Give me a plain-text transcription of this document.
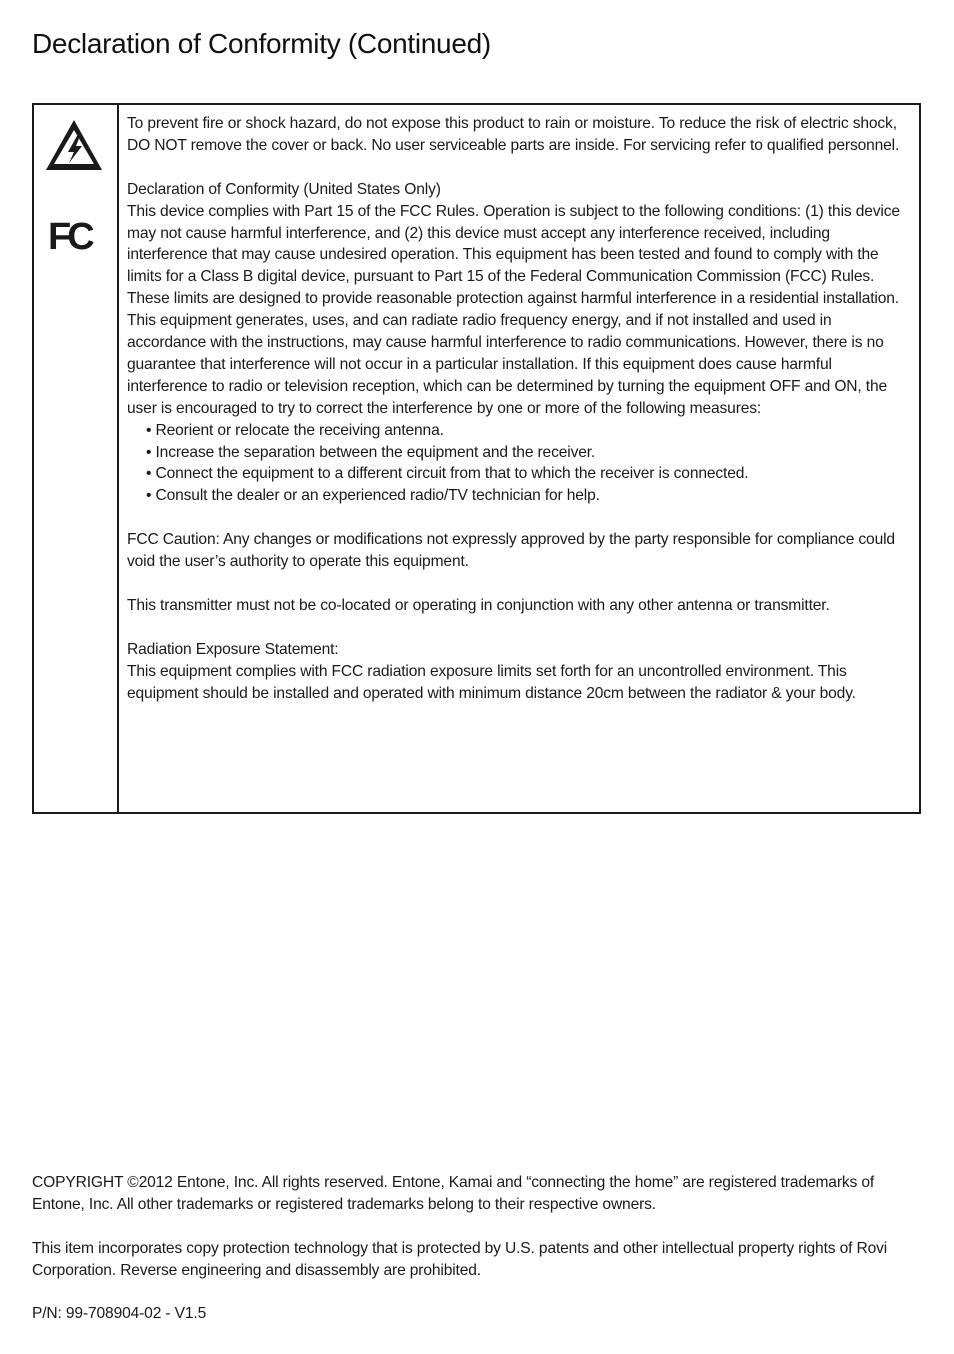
Declaration of Conformity (Continued)
FC

To prevent fire or shock hazard, do not expose this product to rain or moisture. To reduce the risk of electric shock, DO NOT remove the cover or back. No user serviceable parts are inside. For servicing refer to qualified personnel.

Declaration of Conformity (United States Only)

This device complies with Part 15 of the FCC Rules. Operation is subject to the following conditions: (1) this device may not cause harmful interference, and (2) this device must accept any interference received, including interference that may cause undesired operation. This equipment has been tested and found to comply with the limits for a Class B digital device, pursuant to Part 15 of the Federal Communication Commission (FCC) Rules. These limits are designed to provide reasonable protection against harmful interference in a residential installation. This equipment generates, uses, and can radiate radio frequency energy, and if not installed and used in accordance with the instructions, may cause harmful interference to radio communications. However, there is no guarantee that interference will not occur in a particular installation. If this equipment does cause harmful interference to radio or television reception, which can be determined by turning the equipment OFF and ON, the user is encouraged to try to correct the interference by one or more of the following measures:

• Reorient or relocate the receiving antenna.
• Increase the separation between the equipment and the receiver.
• Connect the equipment to a different circuit from that to which the receiver is connected.
• Consult the dealer or an experienced radio/TV technician for help.

FCC Caution: Any changes or modifications not expressly approved by the party responsible for compliance could void the user’s authority to operate this equipment.

This transmitter must not be co-located or operating in conjunction with any other antenna or transmitter.

Radiation Exposure Statement:

This equipment complies with FCC radiation exposure limits set forth for an uncontrolled environment. This equipment should be installed and operated with minimum distance 20cm between the radiator & your body.

COPYRIGHT ©2012 Entone, Inc. All rights reserved. Entone, Kamai and “connecting the home” are registered trademarks of Entone, Inc. All other trademarks or registered trademarks belong to their respective owners.

This item incorporates copy protection technology that is protected by U.S. patents and other intellectual property rights of Rovi Corporation. Reverse engineering and disassembly are prohibited.

P/N: 99-708904-02 - V1.5
